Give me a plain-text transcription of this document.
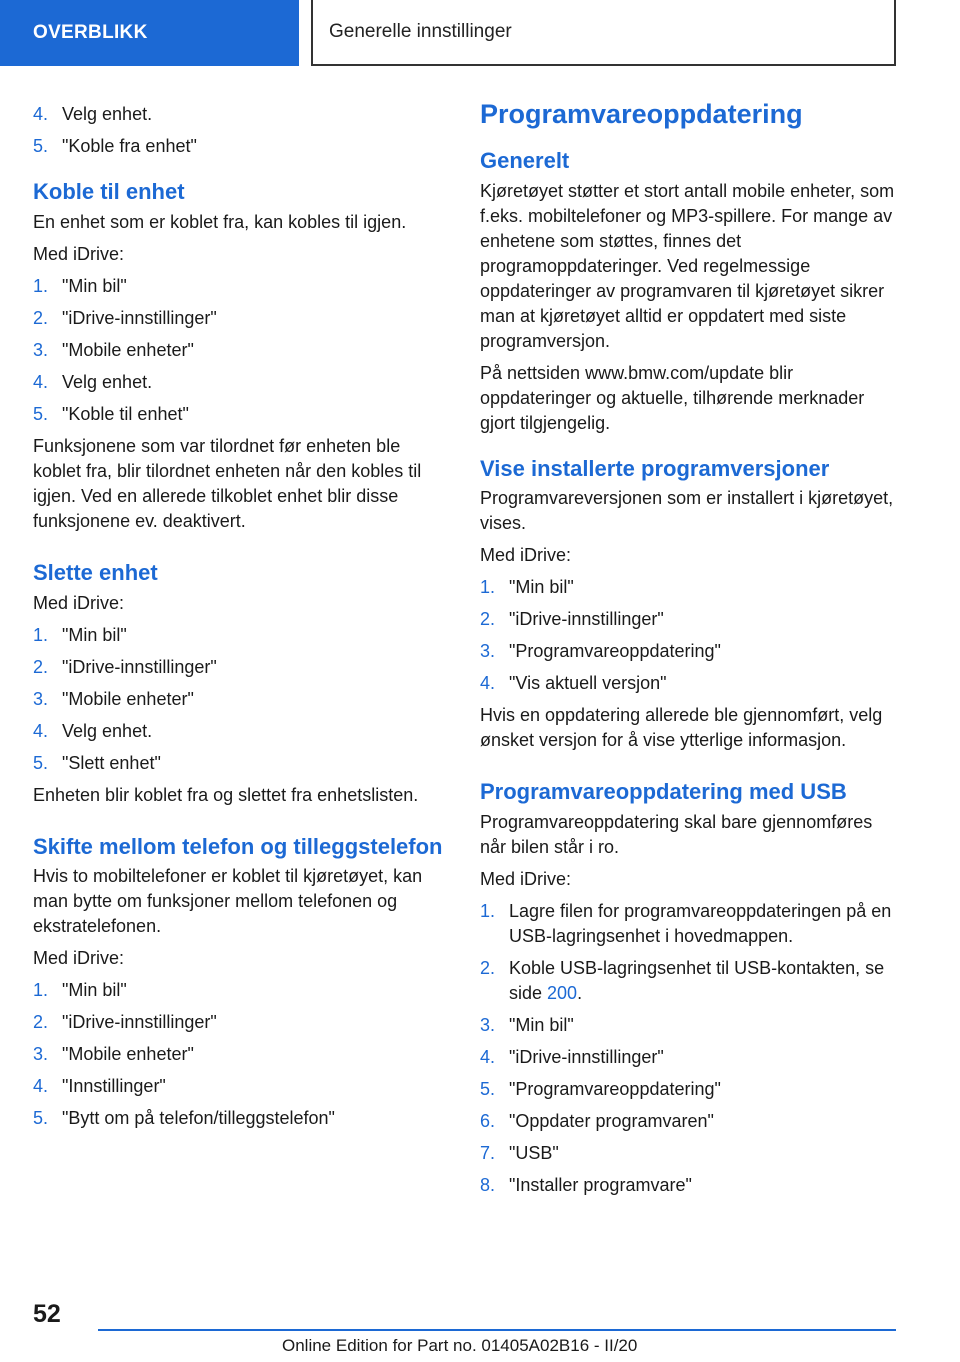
OVERBLIKK	Generelle innstillinger
4. Velg enhet.
5. "Koble fra enhet"
Koble til enhet

En enhet som er koblet fra, kan kobles til igjen.

Med iDrive:

1. "Min bil"
2. "iDrive-innstillinger"
3. "Mobile enheter"
4. Velg enhet.
5. "Koble til enhet"

Funksjonene som var tilordnet før enheten ble koblet fra, blir tilordnet enheten når den kobles til igjen. Ved en allerede tilkoblet enhet blir disse funksjonene ev. deaktivert.

Slette enhet

Med iDrive:

1. "Min bil"
2. "iDrive-innstillinger"
3. "Mobile enheter"
4. Velg enhet.
5. "Slett enhet"

Enheten blir koblet fra og slettet fra enhetslisten.

Skifte mellom telefon og tilleggstelefon

Hvis to mobiltelefoner er koblet til kjøretøyet, kan man bytte om funksjoner mellom telefonen og ekstratelefonen.

Med iDrive:

1. "Min bil"
2. "iDrive-innstillinger"
3. "Mobile enheter"
4. "Innstillinger"
5. "Bytt om på telefon/tilleggstelefon"
Programvareoppdatering
Generelt

Kjøretøyet støtter et stort antall mobile enheter, som f.eks. mobiltelefoner og MP3-spillere. For mange av enhetene som støttes, finnes det programoppdateringer. Ved regelmessige oppdateringer av programvaren til kjøretøyet sikrer man at kjøretøyet alltid er oppdatert med siste programversjon.

På nettsiden www.bmw.com/update blir oppdateringer og aktuelle, tilhørende merknader gjort tilgjengelig.

Vise installerte programversjoner

Programvareversjonen som er installert i kjøretøyet, vises.

Med iDrive:

1. "Min bil"
2. "iDrive-innstillinger"
3. "Programvareoppdatering"
4. "Vis aktuell versjon"

Hvis en oppdatering allerede ble gjennomført, velg ønsket versjon for å vise ytterlige informasjon.

Programvareoppdatering med USB

Programvareoppdatering skal bare gjennomføres når bilen står i ro.

Med iDrive:

1. Lagre filen for programvareoppdateringen på en USB-lagringsenhet i hovedmappen.
2. Koble USB-lagringsenhet til USB-kontakten, se side 200.
3. "Min bil"
4. "iDrive-innstillinger"
5. "Programvareoppdatering"
6. "Oppdater programvaren"
7. "USB"
8. "Installer programvare"
52
Online Edition for Part no. 01405A02B16 - II/20
